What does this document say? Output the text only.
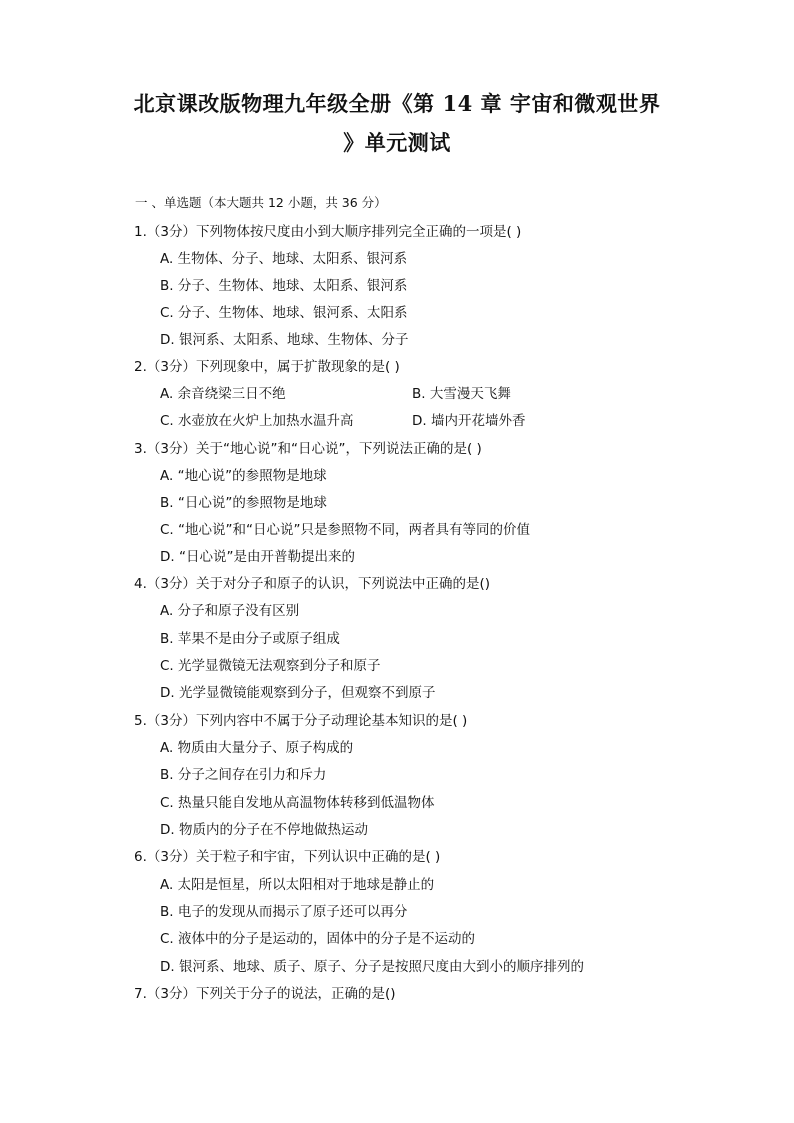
北京课改版物理九年级全册《第 14 章 宇宙和微观世界
》单元测试
一 、单选题（本大题共 12 小题，共 36 分）
1.（3分）下列物体按尺度由小到大顺序排列完全正确的一项是( )
A. 生物体、分子、地球、太阳系、银河系
B. 分子、生物体、地球、太阳系、银河系
C. 分子、生物体、地球、银河系、太阳系
D. 银河系、太阳系、地球、生物体、分子
2.（3分）下列现象中，属于扩散现象的是( )
A. 余音绕梁三日不绝	B. 大雪漫天飞舞
C. 水壶放在火炉上加热水温升高	D. 墙内开花墙外香
3.（3分）关于“地心说”和“日心说”，下列说法正确的是( )
A. “地心说”的参照物是地球
B. “日心说”的参照物是地球
C. “地心说”和“日心说”只是参照物不同，两者具有等同的价值
D. “日心说”是由开普勒提出来的
4.（3分）关于对分子和原子的认识，下列说法中正确的是()
A. 分子和原子没有区别
B. 苹果不是由分子或原子组成
C. 光学显微镜无法观察到分子和原子
D. 光学显微镜能观察到分子，但观察不到原子
5.（3分）下列内容中不属于分子动理论基本知识的是( )
A. 物质由大量分子、原子构成的
B. 分子之间存在引力和斥力
C. 热量只能自发地从高温物体转移到低温物体
D. 物质内的分子在不停地做热运动
6.（3分）关于粒子和宇宙，下列认识中正确的是( )
A. 太阳是恒星，所以太阳相对于地球是静止的
B. 电子的发现从而揭示了原子还可以再分
C. 液体中的分子是运动的，固体中的分子是不运动的
D. 银河系、地球、质子、原子、分子是按照尺度由大到小的顺序排列的
7.（3分）下列关于分子的说法，正确的是()
